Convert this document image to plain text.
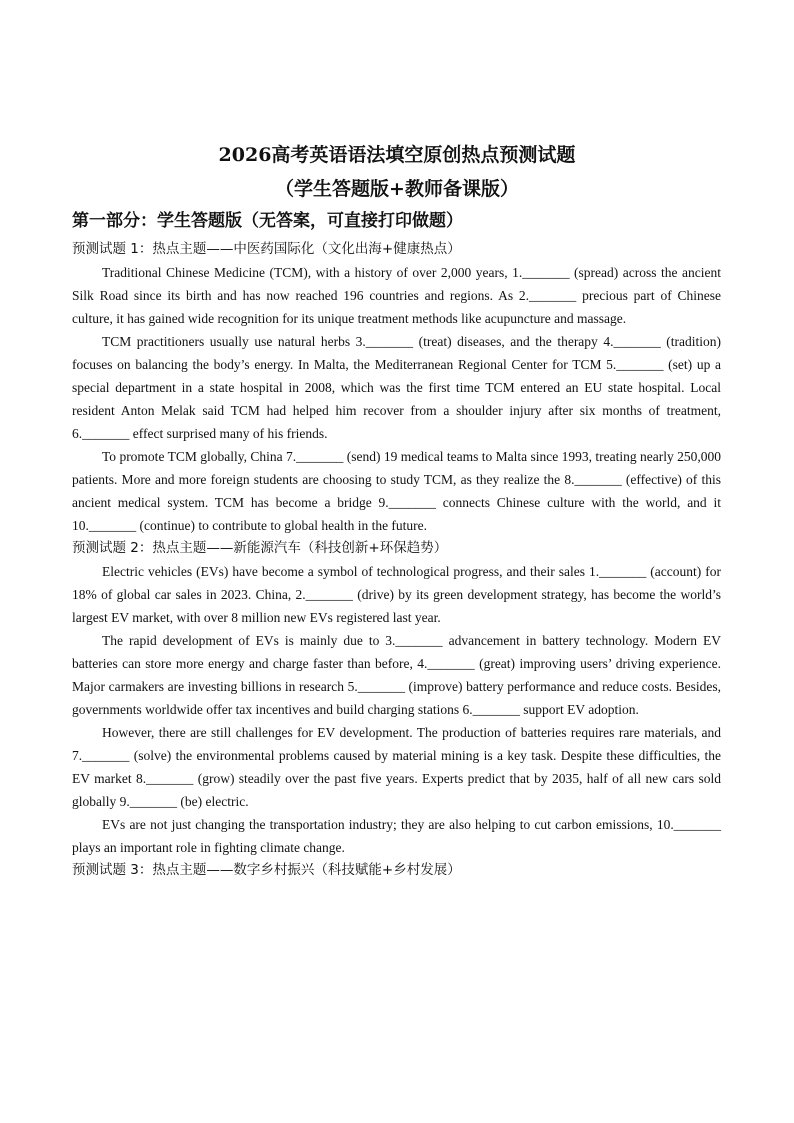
2026高考英语语法填空原创热点预测试题
（学生答题版+教师备课版）
第一部分：学生答题版（无答案，可直接打印做题）

预测试题 1：热点主题——中医药国际化（文化出海+健康热点）

Traditional Chinese Medicine (TCM), with a history of over 2,000 years, 1._______ (spread) across the ancient Silk Road since its birth and has now reached 196 countries and regions. As 2._______ precious part of Chinese culture, it has gained wide recognition for its unique treatment methods like acupuncture and massage.

TCM practitioners usually use natural herbs 3._______ (treat) diseases, and the therapy 4._______ (tradition) focuses on balancing the body’s energy. In Malta, the Mediterranean Regional Center for TCM 5._______ (set) up a special department in a state hospital in 2008, which was the first time TCM entered an EU state hospital. Local resident Anton Melak said TCM had helped him recover from a shoulder injury after six months of treatment, 6._______ effect surprised many of his friends.

To promote TCM globally, China 7._______ (send) 19 medical teams to Malta since 1993, treating nearly 250,000 patients. More and more foreign students are choosing to study TCM, as they realize the 8._______ (effective) of this ancient medical system. TCM has become a bridge 9._______ connects Chinese culture with the world, and it 10._______ (continue) to contribute to global health in the future.

预测试题 2：热点主题——新能源汽车（科技创新+环保趋势）

Electric vehicles (EVs) have become a symbol of technological progress, and their sales 1._______ (account) for 18% of global car sales in 2023. China, 2._______ (drive) by its green development strategy, has become the world’s largest EV market, with over 8 million new EVs registered last year.

The rapid development of EVs is mainly due to 3._______ advancement in battery technology. Modern EV batteries can store more energy and charge faster than before, 4._______ (great) improving users’ driving experience. Major carmakers are investing billions in research 5._______ (improve) battery performance and reduce costs. Besides, governments worldwide offer tax incentives and build charging stations 6._______ support EV adoption.

However, there are still challenges for EV development. The production of batteries requires rare materials, and 7._______ (solve) the environmental problems caused by material mining is a key task. Despite these difficulties, the EV market 8._______ (grow) steadily over the past five years. Experts predict that by 2035, half of all new cars sold globally 9._______ (be) electric.

EVs are not just changing the transportation industry; they are also helping to cut carbon emissions, 10._______ plays an important role in fighting climate change.

预测试题 3：热点主题——数字乡村振兴（科技赋能+乡村发展）
